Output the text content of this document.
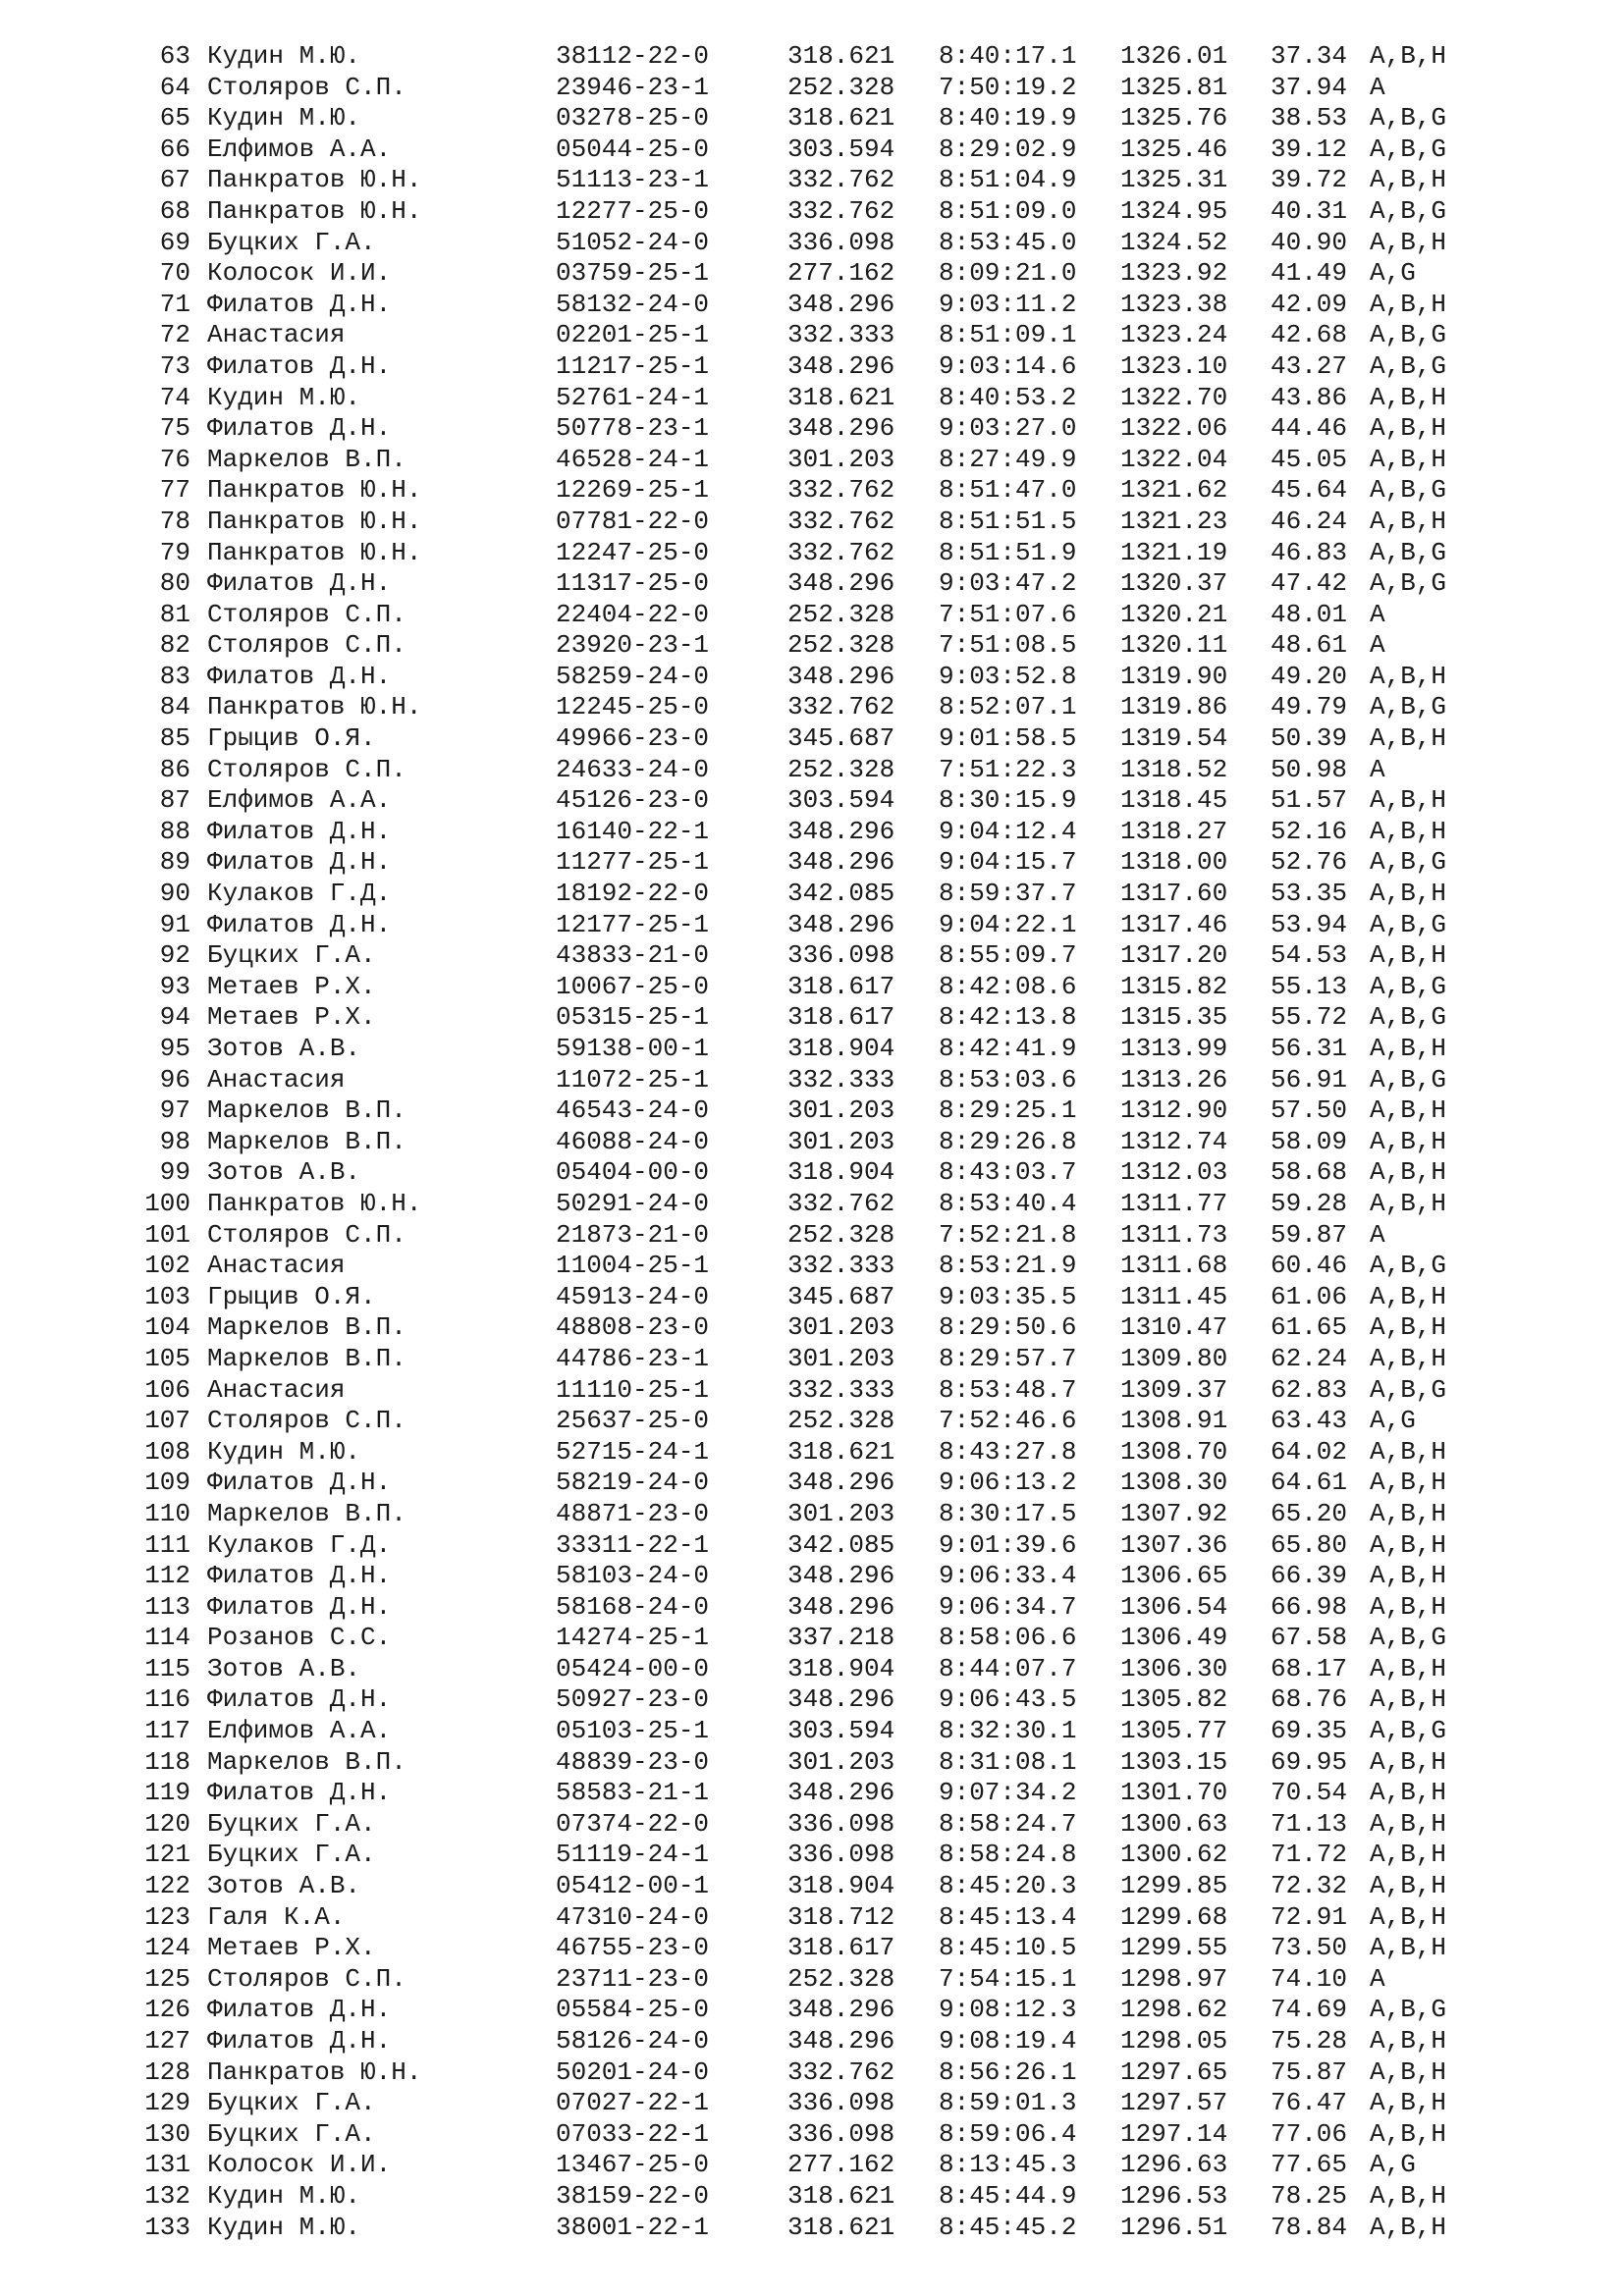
63 Кудин М.Ю.	38112-22-0	318.621 8:40:17.1 1326.01 37.34 A,B,H
64 Столяров С.П.	23946-23-1	252.328 7:50:19.2 1325.81 37.94 A
65 Кудин М.Ю.	03278-25-0	318.621 8:40:19.9 1325.76 38.53 A,B,G
66 Елфимов А.А.	05044-25-0	303.594 8:29:02.9 1325.46 39.12 A,B,G
67 Панкратов Ю.Н.	51113-23-1	332.762 8:51:04.9 1325.31 39.72 A,B,H
68 Панкратов Ю.Н.	12277-25-0	332.762 8:51:09.0 1324.95 40.31 A,B,G
69 Буцких Г.А.	51052-24-0	336.098 8:53:45.0 1324.52 40.90 A,B,H
70 Колосок И.И.	03759-25-1	277.162 8:09:21.0 1323.92 41.49 A,G
71 Филатов Д.Н.	58132-24-0	348.296 9:03:11.2 1323.38 42.09 A,B,H
72 Анастасия	02201-25-1	332.333 8:51:09.1 1323.24 42.68 A,B,G
73 Филатов Д.Н.	11217-25-1	348.296 9:03:14.6 1323.10 43.27 A,B,G
74 Кудин М.Ю.	52761-24-1	318.621 8:40:53.2 1322.70 43.86 A,B,H
75 Филатов Д.Н.	50778-23-1	348.296 9:03:27.0 1322.06 44.46 A,B,H
76 Маркелов В.П.	46528-24-1	301.203 8:27:49.9 1322.04 45.05 A,B,H
77 Панкратов Ю.Н.	12269-25-1	332.762 8:51:47.0 1321.62 45.64 A,B,G
78 Панкратов Ю.Н.	07781-22-0	332.762 8:51:51.5 1321.23 46.24 A,B,H
79 Панкратов Ю.Н.	12247-25-0	332.762 8:51:51.9 1321.19 46.83 A,B,G
80 Филатов Д.Н.	11317-25-0	348.296 9:03:47.2 1320.37 47.42 A,B,G
81 Столяров С.П.	22404-22-0	252.328 7:51:07.6 1320.21 48.01 A
82 Столяров С.П.	23920-23-1	252.328 7:51:08.5 1320.11 48.61 A
83 Филатов Д.Н.	58259-24-0	348.296 9:03:52.8 1319.90 49.20 A,B,H
84 Панкратов Ю.Н.	12245-25-0	332.762 8:52:07.1 1319.86 49.79 A,B,G
85 Грыцив О.Я.	49966-23-0	345.687 9:01:58.5 1319.54 50.39 A,B,H
86 Столяров С.П.	24633-24-0	252.328 7:51:22.3 1318.52 50.98 A
87 Елфимов А.А.	45126-23-0	303.594 8:30:15.9 1318.45 51.57 A,B,H
88 Филатов Д.Н.	16140-22-1	348.296 9:04:12.4 1318.27 52.16 A,B,H
89 Филатов Д.Н.	11277-25-1	348.296 9:04:15.7 1318.00 52.76 A,B,G
90 Кулаков Г.Д.	18192-22-0	342.085 8:59:37.7 1317.60 53.35 A,B,H
91 Филатов Д.Н.	12177-25-1	348.296 9:04:22.1 1317.46 53.94 A,B,G
92 Буцких Г.А.	43833-21-0	336.098 8:55:09.7 1317.20 54.53 A,B,H
93 Метаев Р.Х.	10067-25-0	318.617 8:42:08.6 1315.82 55.13 A,B,G
94 Метаев Р.Х.	05315-25-1	318.617 8:42:13.8 1315.35 55.72 A,B,G
95 Зотов А.В.	59138-00-1	318.904 8:42:41.9 1313.99 56.31 A,B,H
96 Анастасия	11072-25-1	332.333 8:53:03.6 1313.26 56.91 A,B,G
97 Маркелов В.П.	46543-24-0	301.203 8:29:25.1 1312.90 57.50 A,B,H
98 Маркелов В.П.	46088-24-0	301.203 8:29:26.8 1312.74 58.09 A,B,H
99 Зотов А.В.	05404-00-0	318.904 8:43:03.7 1312.03 58.68 A,B,H
100 Панкратов Ю.Н.	50291-24-0	332.762 8:53:40.4 1311.77 59.28 A,B,H
101 Столяров С.П.	21873-21-0	252.328 7:52:21.8 1311.73 59.87 A
102 Анастасия	11004-25-1	332.333 8:53:21.9 1311.68 60.46 A,B,G
103 Грыцив О.Я.	45913-24-0	345.687 9:03:35.5 1311.45 61.06 A,B,H
104 Маркелов В.П.	48808-23-0	301.203 8:29:50.6 1310.47 61.65 A,B,H
105 Маркелов В.П.	44786-23-1	301.203 8:29:57.7 1309.80 62.24 A,B,H
106 Анастасия	11110-25-1	332.333 8:53:48.7 1309.37 62.83 A,B,G
107 Столяров С.П.	25637-25-0	252.328 7:52:46.6 1308.91 63.43 A,G
108 Кудин М.Ю.	52715-24-1	318.621 8:43:27.8 1308.70 64.02 A,B,H
109 Филатов Д.Н.	58219-24-0	348.296 9:06:13.2 1308.30 64.61 A,B,H
110 Маркелов В.П.	48871-23-0	301.203 8:30:17.5 1307.92 65.20 A,B,H
111 Кулаков Г.Д.	33311-22-1	342.085 9:01:39.6 1307.36 65.80 A,B,H
112 Филатов Д.Н.	58103-24-0	348.296 9:06:33.4 1306.65 66.39 A,B,H
113 Филатов Д.Н.	58168-24-0	348.296 9:06:34.7 1306.54 66.98 A,B,H
114 Розанов С.С.	14274-25-1	337.218 8:58:06.6 1306.49 67.58 A,B,G
115 Зотов А.В.	05424-00-0	318.904 8:44:07.7 1306.30 68.17 A,B,H
116 Филатов Д.Н.	50927-23-0	348.296 9:06:43.5 1305.82 68.76 A,B,H
117 Елфимов А.А.	05103-25-1	303.594 8:32:30.1 1305.77 69.35 A,B,G
118 Маркелов В.П.	48839-23-0	301.203 8:31:08.1 1303.15 69.95 A,B,H
119 Филатов Д.Н.	58583-21-1	348.296 9:07:34.2 1301.70 70.54 A,B,H
120 Буцких Г.А.	07374-22-0	336.098 8:58:24.7 1300.63 71.13 A,B,H
121 Буцких Г.А.	51119-24-1	336.098 8:58:24.8 1300.62 71.72 A,B,H
122 Зотов А.В.	05412-00-1	318.904 8:45:20.3 1299.85 72.32 A,B,H
123 Галя К.А.	47310-24-0	318.712 8:45:13.4 1299.68 72.91 A,B,H
124 Метаев Р.Х.	46755-23-0	318.617 8:45:10.5 1299.55 73.50 A,B,H
125 Столяров С.П.	23711-23-0	252.328 7:54:15.1 1298.97 74.10 A
126 Филатов Д.Н.	05584-25-0	348.296 9:08:12.3 1298.62 74.69 A,B,G
127 Филатов Д.Н.	58126-24-0	348.296 9:08:19.4 1298.05 75.28 A,B,H
128 Панкратов Ю.Н.	50201-24-0	332.762 8:56:26.1 1297.65 75.87 A,B,H
129 Буцких Г.А.	07027-22-1	336.098 8:59:01.3 1297.57 76.47 A,B,H
130 Буцких Г.А.	07033-22-1	336.098 8:59:06.4 1297.14 77.06 A,B,H
131 Колосок И.И.	13467-25-0	277.162 8:13:45.3 1296.63 77.65 A,G
132 Кудин М.Ю.	38159-22-0	318.621 8:45:44.9 1296.53 78.25 A,B,H
133 Кудин М.Ю.	38001-22-1	318.621 8:45:45.2 1296.51 78.84 A,B,H
